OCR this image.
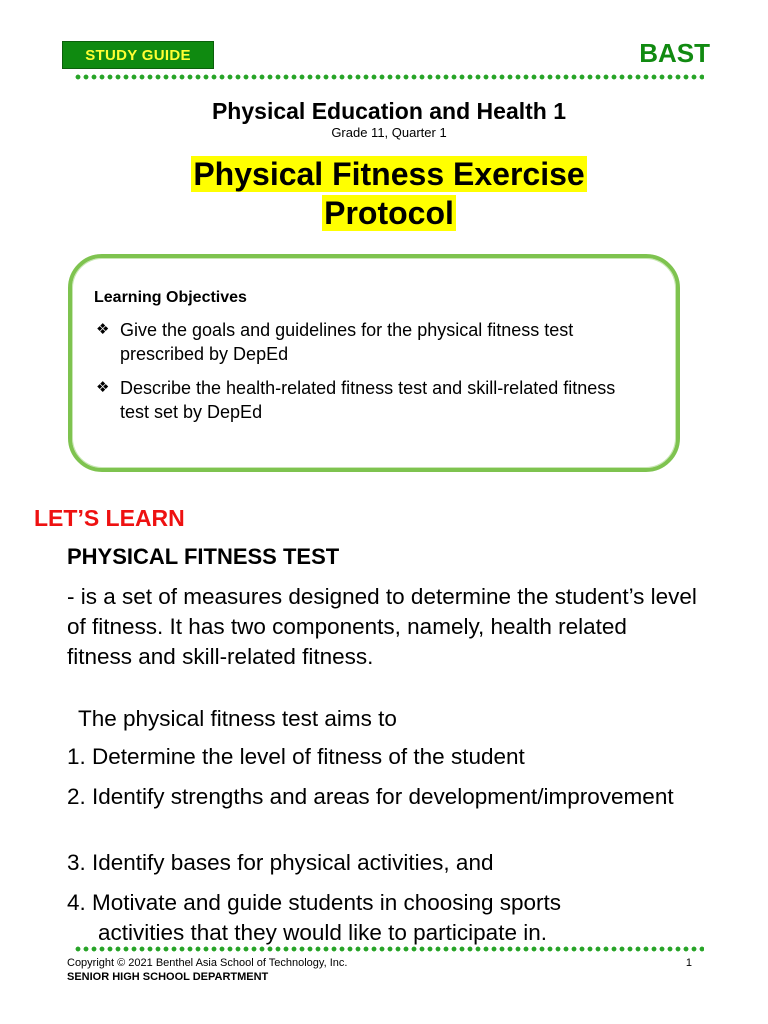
STUDY GUIDE	BAST
Physical Education and Health 1
Grade 11, Quarter 1
Physical Fitness Exercise
Protocol
Learning Objectives
❖ Give the goals and guidelines for the physical fitness test prescribed by DepEd
❖ Describe the health-related fitness test and skill-related fitness test set by DepEd
LET’S LEARN
PHYSICAL FITNESS TEST
- is a set of measures designed to determine the student’s level of fitness. It has two components, namely, health related fitness and skill-related fitness.
The physical fitness test aims to
1. Determine the level of fitness of the student
2. Identify strengths and areas for development/improvement
3. Identify bases for physical activities, and
4. Motivate and guide students in choosing sports
activities that they would like to participate in.
Copyright © 2021 Benthel Asia School of Technology, Inc.
SENIOR HIGH SCHOOL DEPARTMENT
1
